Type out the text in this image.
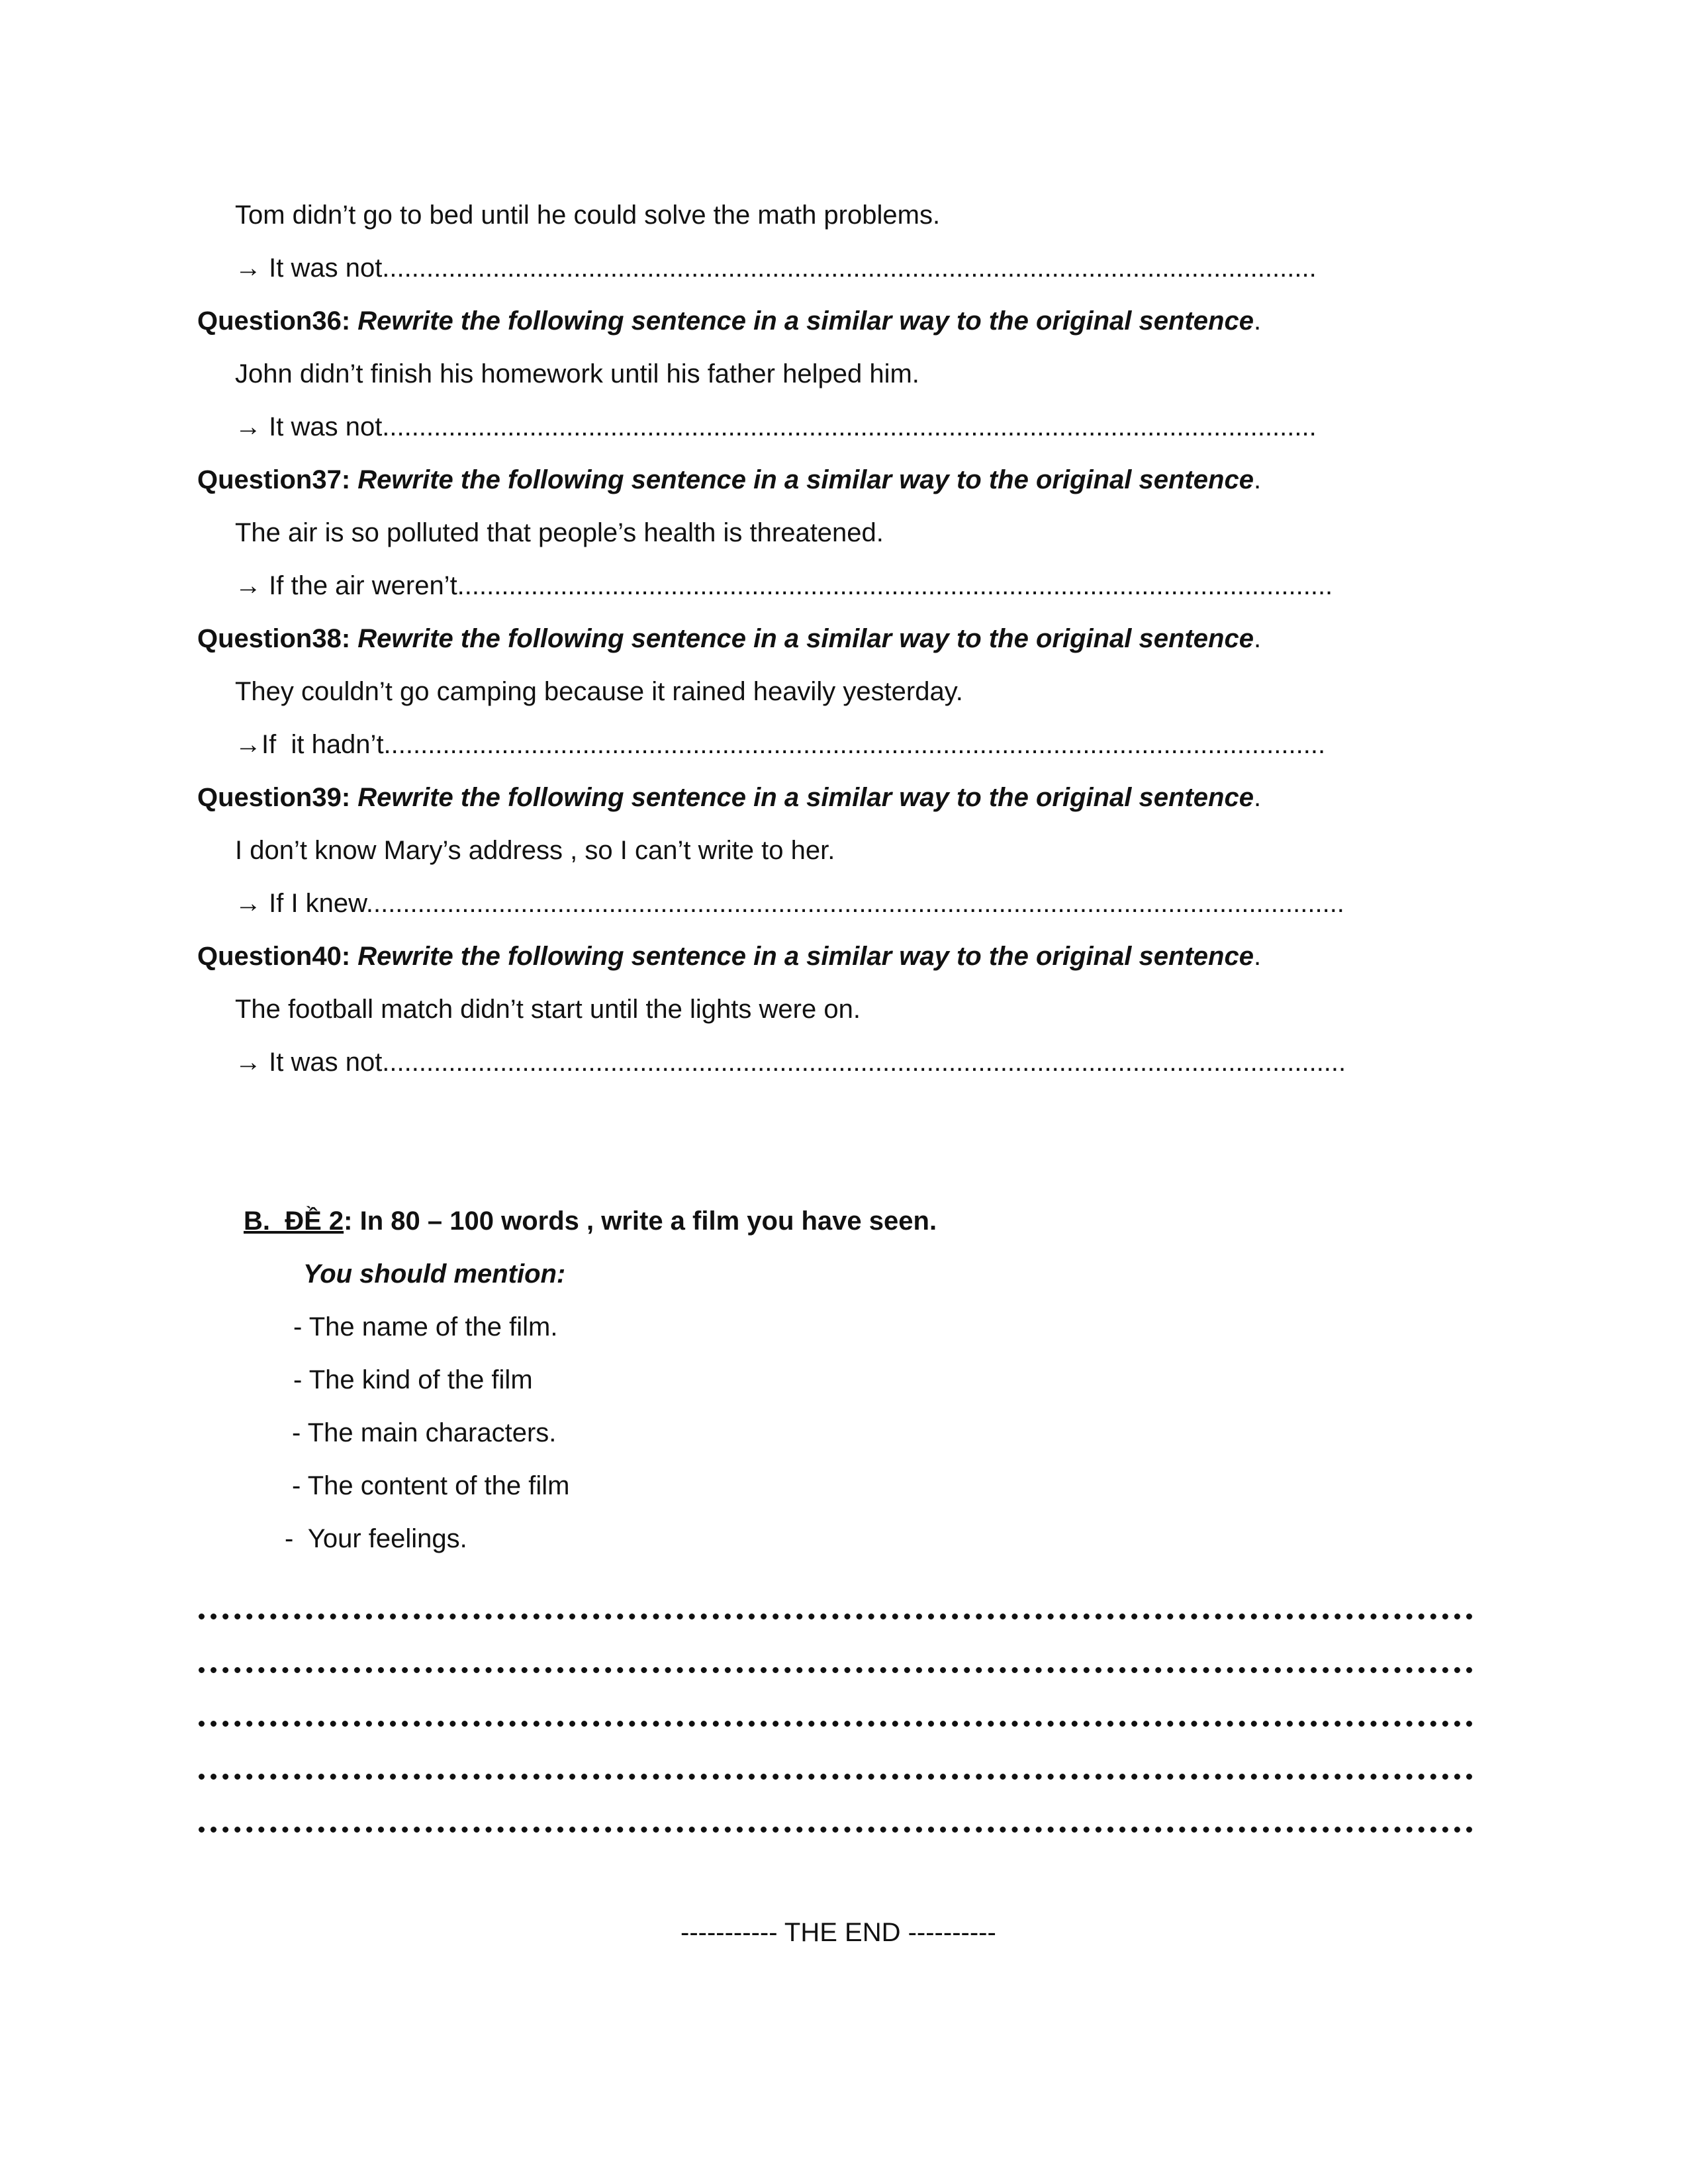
Tom didn’t go to bed until he could solve the math problems.
→ It was not...............................................................................................................................
Question36: Rewrite the following sentence in a similar way to the original sentence.
John didn’t finish his homework until his father helped him.
→ It was not...............................................................................................................................
Question37: Rewrite the following sentence in a similar way to the original sentence.
The air is so polluted that people’s health is threatened.
→ If the air weren’t.......................................................................................................................
Question38: Rewrite the following sentence in a similar way to the original sentence.
They couldn’t go camping because it rained heavily yesterday.
→If  it hadn’t................................................................................................................................
Question39: Rewrite the following sentence in a similar way to the original sentence.
I don’t know Mary’s address , so I can’t write to her.
→ If I knew.....................................................................................................................................
Question40: Rewrite the following sentence in a similar way to the original sentence.
The football match didn’t start until the lights were on.
→ It was not...................................................................................................................................
B.  ĐỀ 2: In 80 – 100 words , write a film you have seen.
You should mention:
- The name of the film.
- The kind of the film
- The main characters.
- The content of the film
-  Your feelings.
----------- THE END ----------
